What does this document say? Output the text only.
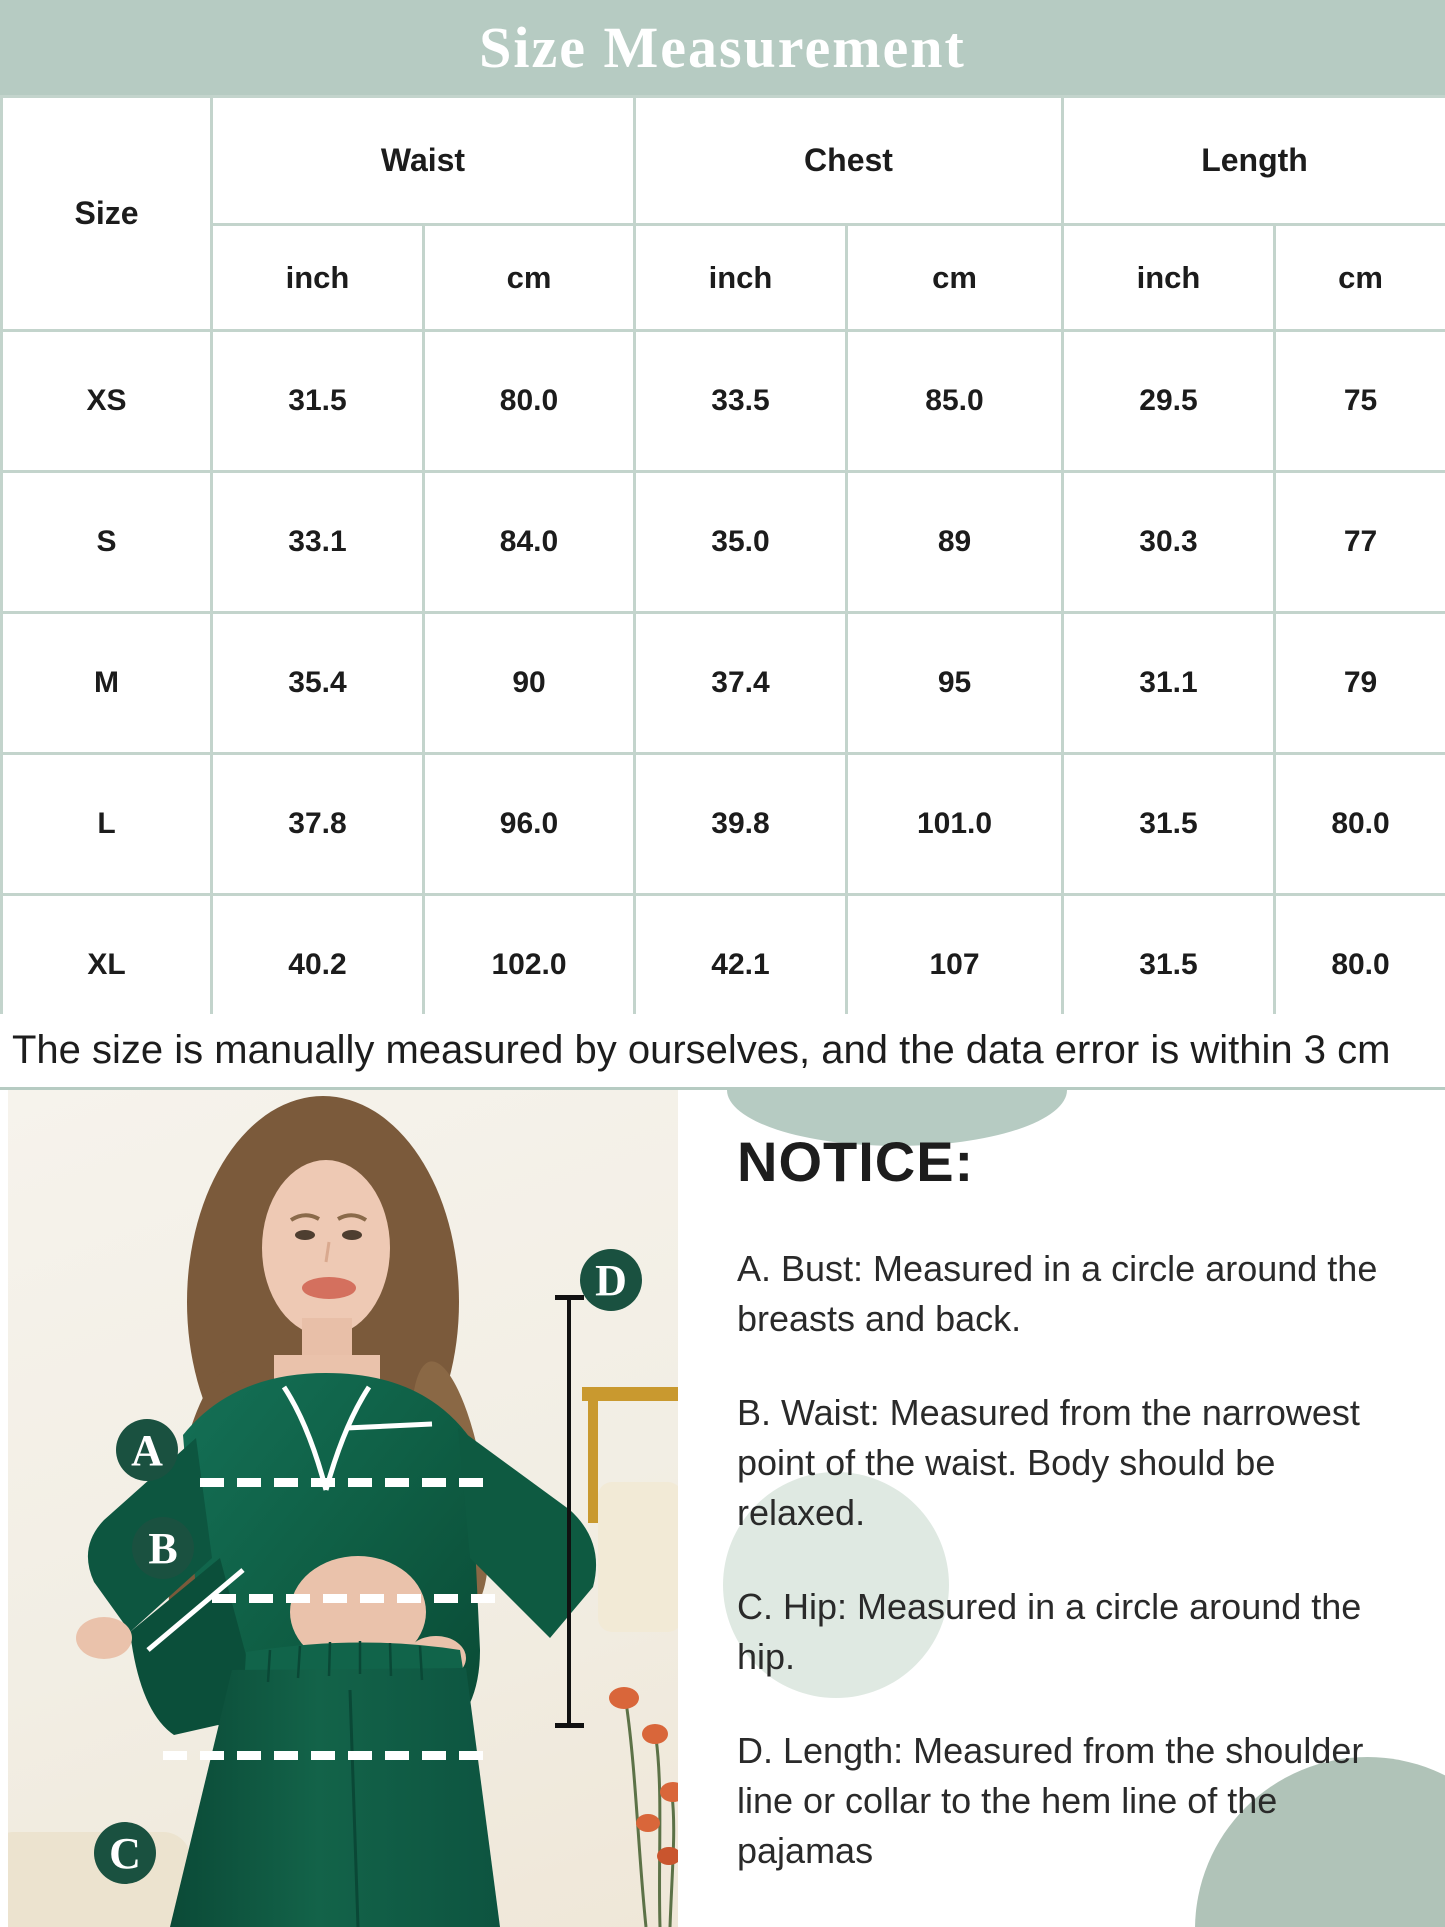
Size Measurement
Size	Waist		Chest		Length	
	inch	cm	inch	cm	inch	cm
XS	31.5	80.0	33.5	85.0	29.5	75
S	33.1	84.0	35.0	89	30.3	77
M	35.4	90	37.4	95	31.1	79
L	37.8	96.0	39.8	101.0	31.5	80.0
XL	40.2	102.0	42.1	107	31.5	80.0
The size is manually measured by ourselves, and the data error is within 3 cm
A
B
C
D
NOTICE:

A. Bust: Measured in a circle around the breasts and back.

B. Waist: Measured from the narrowest point of the waist. Body should be relaxed.

C. Hip: Measured in a circle around the hip.

D. Length: Measured from the shoulder line or collar to the hem line of the pajamas
